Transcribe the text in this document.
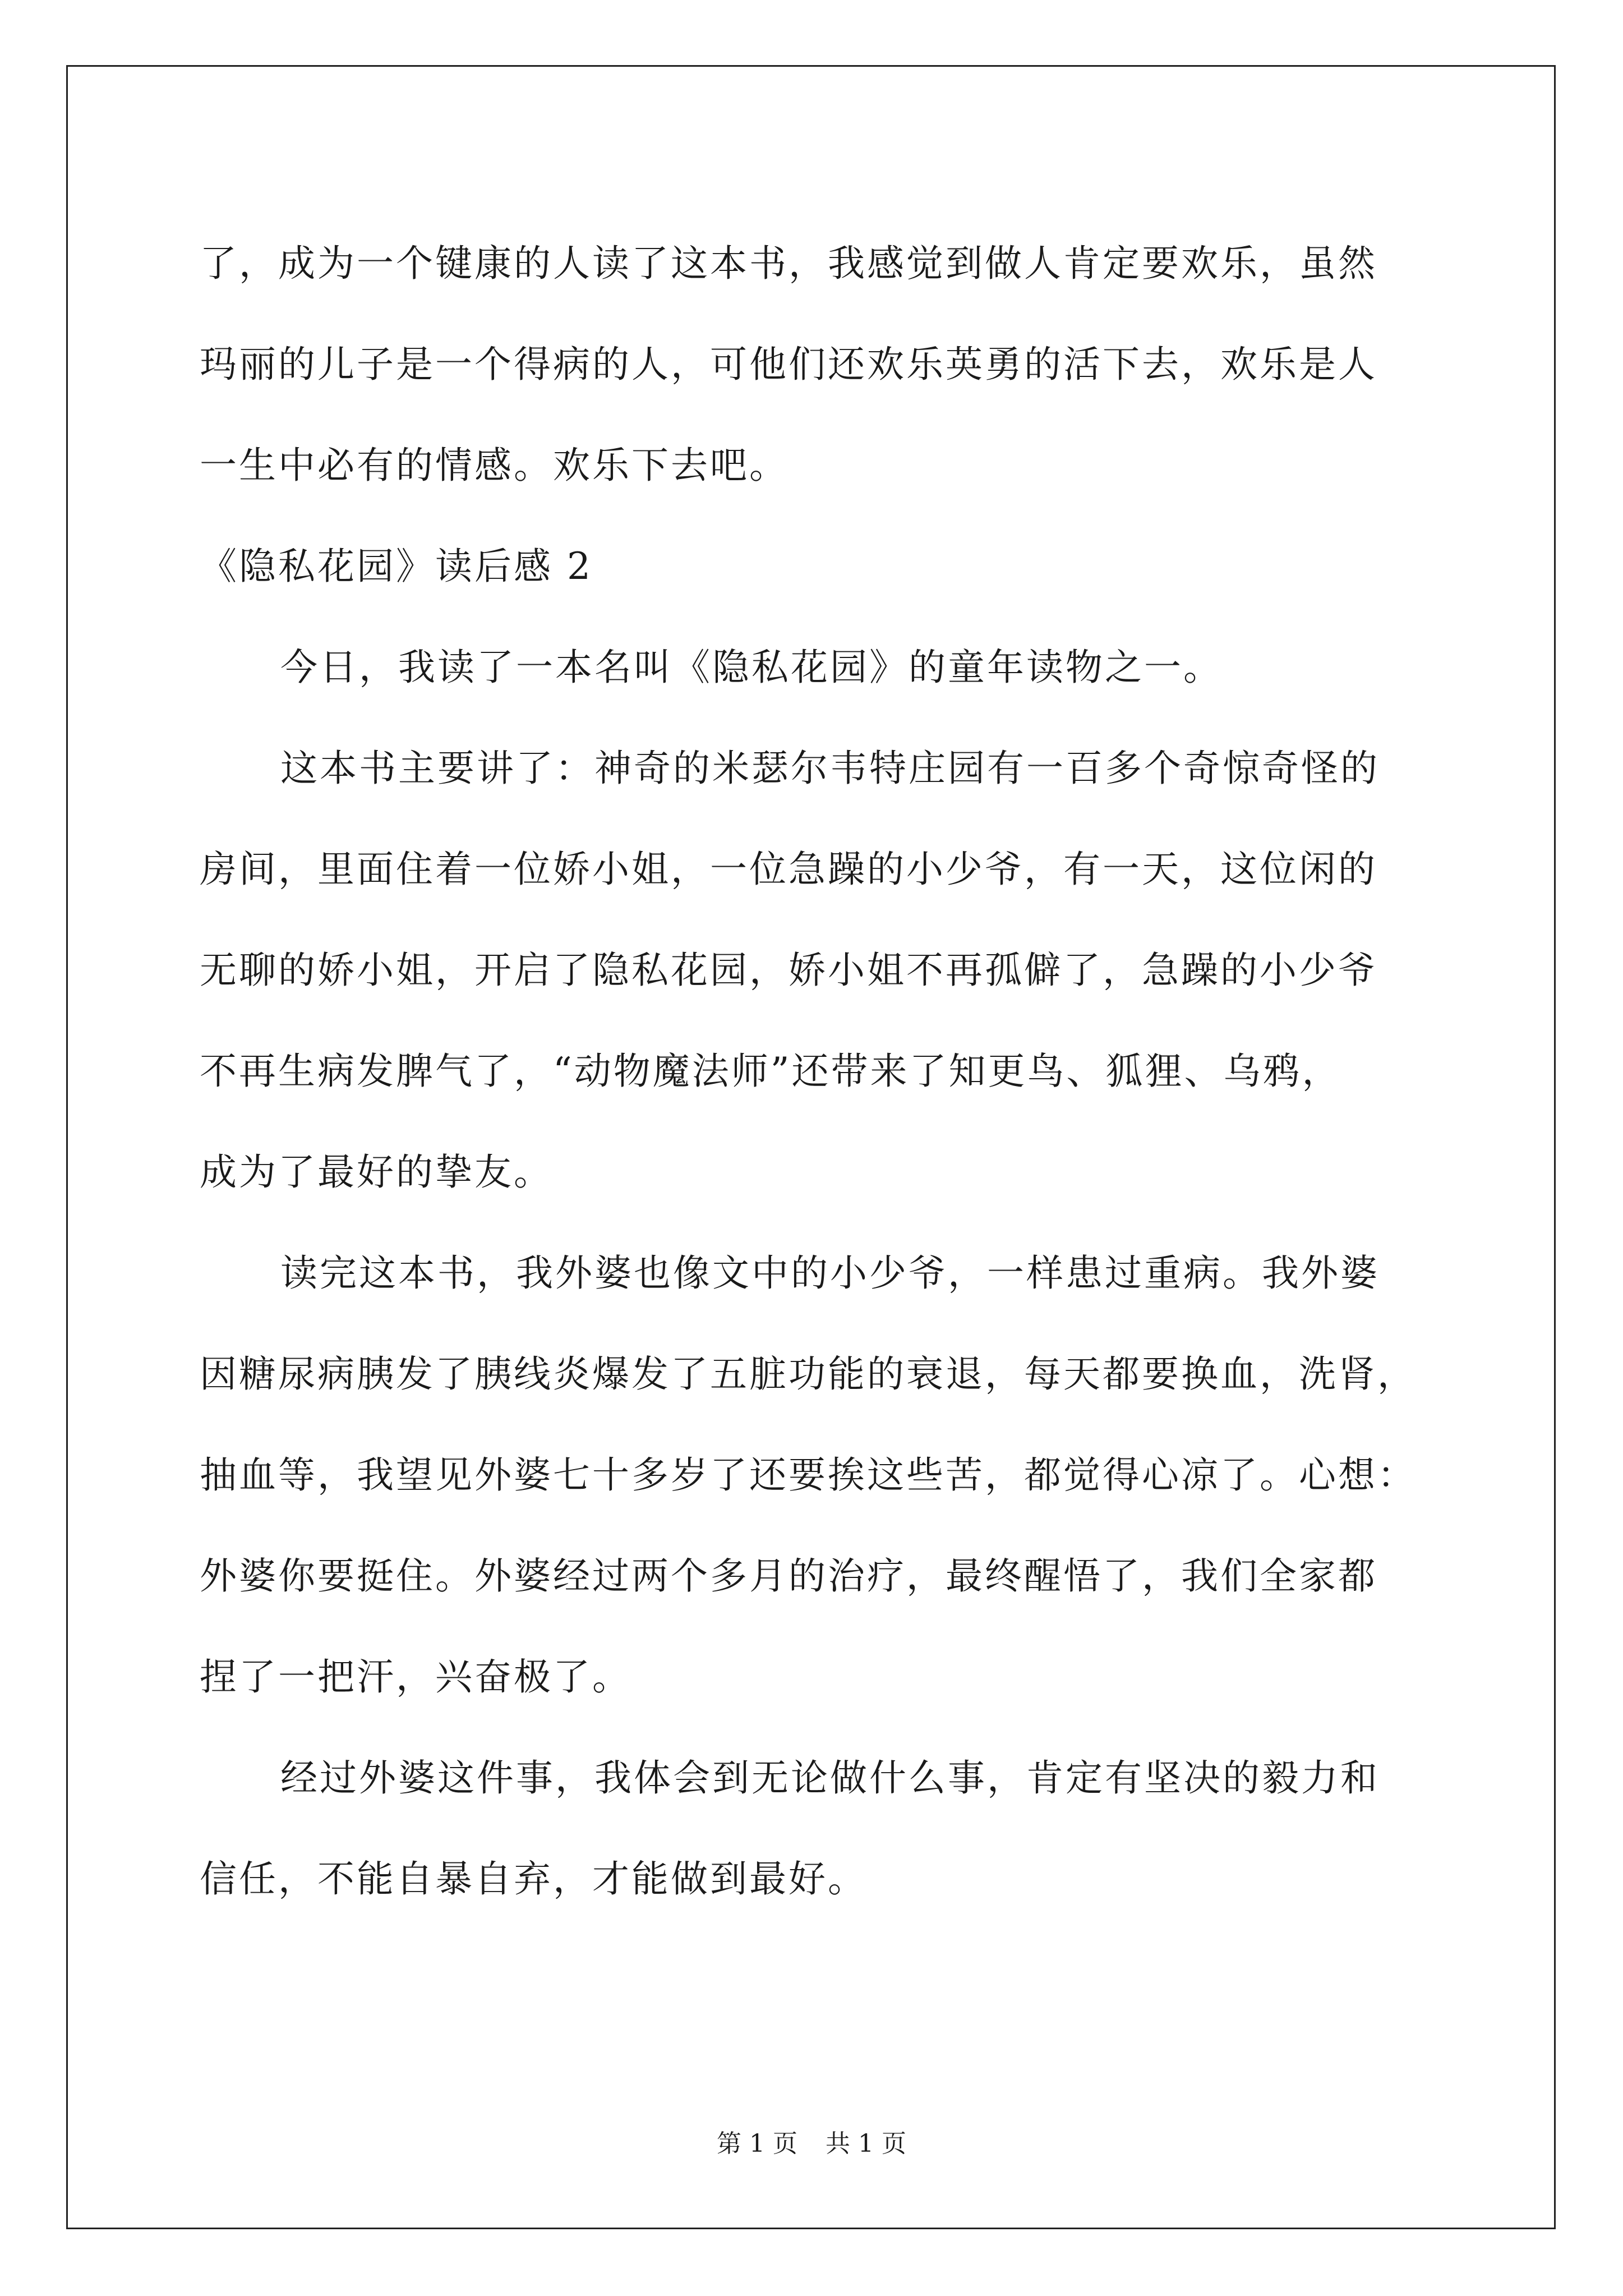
了，成为一个键康的人读了这本书，我感觉到做人肯定要欢乐，虽然
玛丽的儿子是一个得病的人，可他们还欢乐英勇的活下去，欢乐是人
一生中必有的情感。欢乐下去吧。
《隐私花园》读后感 2
今日，我读了一本名叫《隐私花园》的童年读物之一。
这本书主要讲了：神奇的米瑟尔韦特庄园有一百多个奇惊奇怪的
房间，里面住着一位娇小姐，一位急躁的小少爷，有一天，这位闲的
无聊的娇小姐，开启了隐私花园，娇小姐不再孤僻了，急躁的小少爷
不再生病发脾气了，“动物魔法师”还带来了知更鸟、狐狸、乌鸦，
成为了最好的挚友。
读完这本书，我外婆也像文中的小少爷，一样患过重病。我外婆
因糖尿病胰发了胰线炎爆发了五脏功能的衰退，每天都要换血，洗肾，
抽血等，我望见外婆七十多岁了还要挨这些苦，都觉得心凉了。心想：
外婆你要挺住。外婆经过两个多月的治疗，最终醒悟了，我们全家都
捏了一把汗，兴奋极了。
经过外婆这件事，我体会到无论做什么事，肯定有坚决的毅力和
信任，不能自暴自弃，才能做到最好。
第 1 页 共 1 页
